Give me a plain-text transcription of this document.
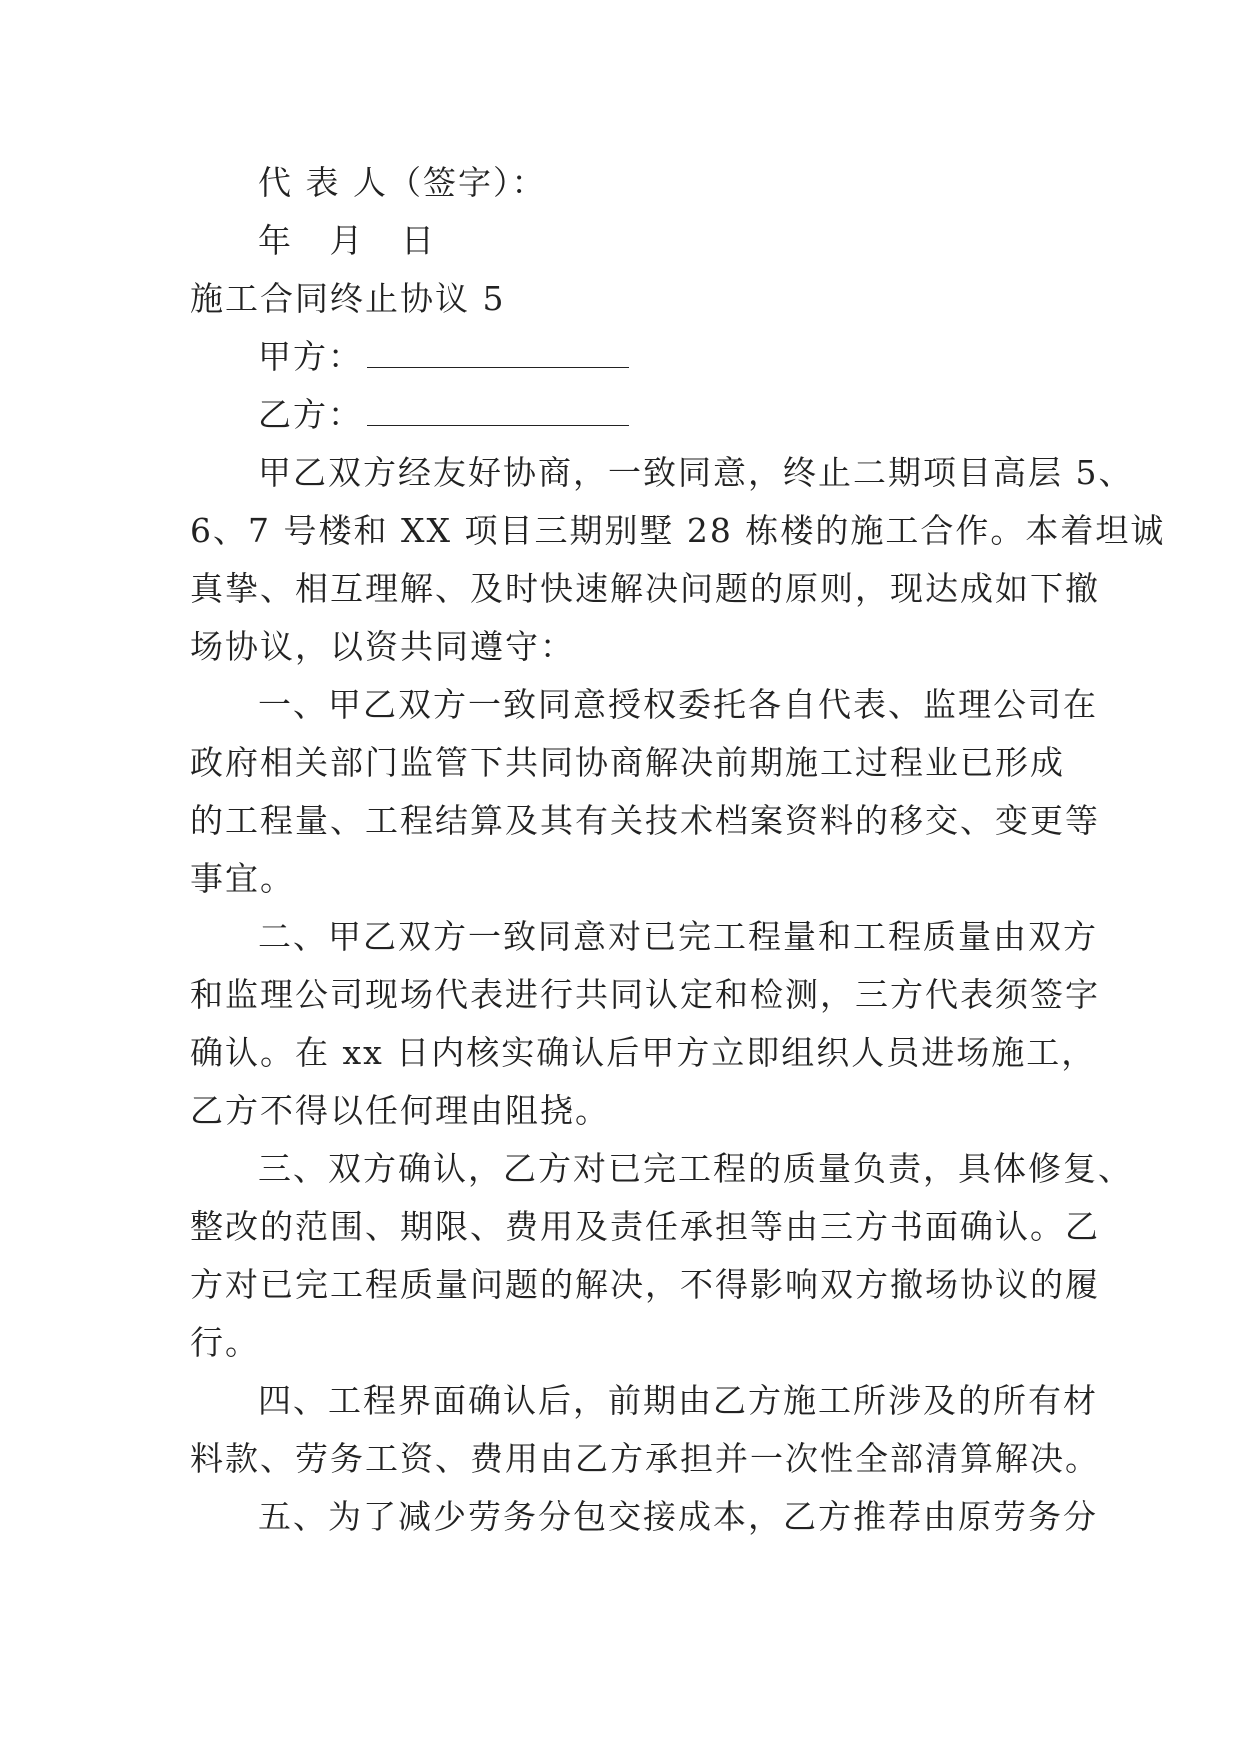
代 表 人（签字）：
年 月 日
施工合同终止协议 5
甲方：
乙方：
甲乙双方经友好协商，一致同意，终止二期项目高层 5、
6、7 号楼和 XX 项目三期别墅 28 栋楼的施工合作。本着坦诚
真挚、相互理解、及时快速解决问题的原则，现达成如下撤
场协议，以资共同遵守：
一、甲乙双方一致同意授权委托各自代表、监理公司在
政府相关部门监管下共同协商解决前期施工过程业已形成
的工程量、工程结算及其有关技术档案资料的移交、变更等
事宜。
二、甲乙双方一致同意对已完工程量和工程质量由双方
和监理公司现场代表进行共同认定和检测，三方代表须签字
确认。在 xx 日内核实确认后甲方立即组织人员进场施工，
乙方不得以任何理由阻挠。
三、双方确认，乙方对已完工程的质量负责，具体修复、
整改的范围、期限、费用及责任承担等由三方书面确认。乙
方对已完工程质量问题的解决，不得影响双方撤场协议的履
行。
四、工程界面确认后，前期由乙方施工所涉及的所有材
料款、劳务工资、费用由乙方承担并一次性全部清算解决。
五、为了减少劳务分包交接成本，乙方推荐由原劳务分
